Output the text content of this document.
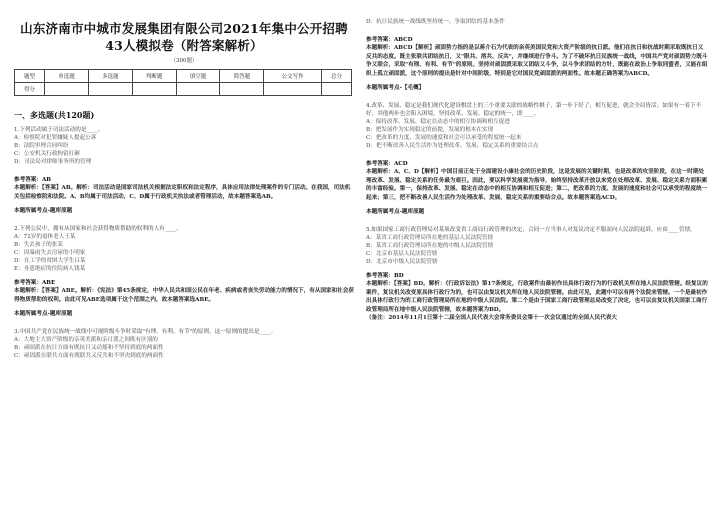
山东济南市中城市发展集团有限公司2021年集中公开招聘43人模拟卷（附答案解析）
（300题）
题型	单选题	多选题	判断题	填空题	简答题	公文写作	总分
得分							
一、多选题(共120题)
1.下列活动属于司法活动的是____。
A：检察院对犯罪嫌疑人提起公诉
B：法院审理合同纠纷
C：公安机关行政拘留打砸
D：司法局对律师事务所的管理
参考答案：AB
本题解析：【答案】AB。解析：司法活动是国家司法机关根据法定职权和法定程序，具体应用法律处理案件的专门活动。在我国，司法机关包括检察院和法院。A、B均属于司法活动，C、D属于行政机关执法或者管理活动，故本题答案选AB。
本题所属考点-题库原题
2.下列公民中，拥有从国家和社会获得物质帮助的权利的人有____。
A：72岁的退休老人王某
B：失去孩子的张某
C：因暴雨失去房屋的小明家
D：在工学的贫困大学生吕某
E：身患绝症的住院病人钱某
参考答案：ABE
本题解析：【答案】ABE。解析：《宪法》第45条规定，中华人民共和国公民在年老、疾病或者丧失劳动能力的情况下，有从国家和社会获得物质帮助的权利。由此可见ABE选项属于这个范围之内，故本题答案选ABE。
本题所属考点-题库原题
3.中国共产党在民族统一战线中可视阶级斗争时采取"有理、有利、有节"的原则，这一原则的提出是____。
A：大地主大资产阶级的亲英美派和亲日派之间既有区别的
B：顽固派在抗日方面有既抗日又动摇和不坚持到底的两面性
C：顽固派在联共方面有既联共又反共和不坚决到底的两面性
D：抗日民族统一战线既坚持统一、争取团结的基本条件
参考答案：ABCD
本题解析：ABCD【解析】顽固势力指的是以蒋介石为代表的亲英美国民党和大资产阶级的抗日派。他们在抗日和抗战时期采取既抗日又反共的态度。既主张联共团结抗日，又"限共、溶共、反共"，并继续进行争斗。为了不破坏抗日民族统一战线，中国共产党对顽固势力既斗争又联合，采取"有理、有利、有节"的原则。坚持对顽固派采取又团结又斗争，以斗争求团结的方针，既能在政治上争取同盟者，又能在组织上孤立顽固派，这个原则的提出是针对中间阶级，特别是它对国民党顽固派的两面性。故本题正确答案为ABCD。
本题所属考点-【毛概】
4.改革、发展、稳定是我们现代化建设棋盘上的三个重要关联的战略性棋子，第一步下好了，相互促进，就会全局皆活；如果有一着下不好，其他两步也会陷入困境。坚持改革、发展、稳定的统一，即____。
A：保持改革、发展、稳定在动态中的相互协调和相互促进
B：把发展作为实现稳定的前提，发展的根本在实现
C：把改革的力度、发展的速度和社会可以承受的程度统一起来
D：把不断改善人民生活作为处理改革、发展、稳定关系的重要结合点
参考答案：ACD
本题解析：A、C、D【解析】中国目前正处于全面建设小康社会的历史阶段，这是发展的关键时期，也是改革的攻坚阶段，在这一时期处理改革、发展、稳定关系的任务最为艰巨。因此，要以科学发展观为指导，始终坚持改革开放以来党在处理改革、发展、稳定关系方面积累的丰富经验。第一，保持改革、发展、稳定在动态中的相互协调和相互促进；第二，把改革的力度、发展的速度和社会可以承受的程度统一起来；第三，把不断改善人民生活作为处理改革、发展、稳定关系的重要结合点。故本题答案选ACD。
本题所属考点-题库原题
5.如果国家工商行政管理局对某项改变省工商局行政管理的决定，合同一方当事人对复议决定不服而向人民法院起诉，应由____管辖。
A：某省工商行政管理局所在地的基层人民法院管辖
B：某省工商行政管理局所在地的中级人民法院管辖
C：北京市基层人民法院管辖
D：北京市中级人民法院管辖
参考答案：BD
本题解析：【答案】BD。解析：《行政诉讼法》第17条规定，行政案件由最初作出具体行政行为的行政机关所在地人民法院管辖。经复议的案件，复议机关改变原具体行政行为的，也可以由复议机关所在地人民法院管辖。由此可见，此题中可以有两个法院来管辖。一个是最初作出具体行政行为的工商行政管理局所在地的中级人民法院。第二个是由于国家工商行政管理总局改变了决定，也可以由复议机关国家工商行政管理局所在地中级人民法院管辖，故本题答案为BD。
（备注：2014年11月1日第十二届全国人民代表大会常务委员会第十一次会议通过的全国人民代表大
